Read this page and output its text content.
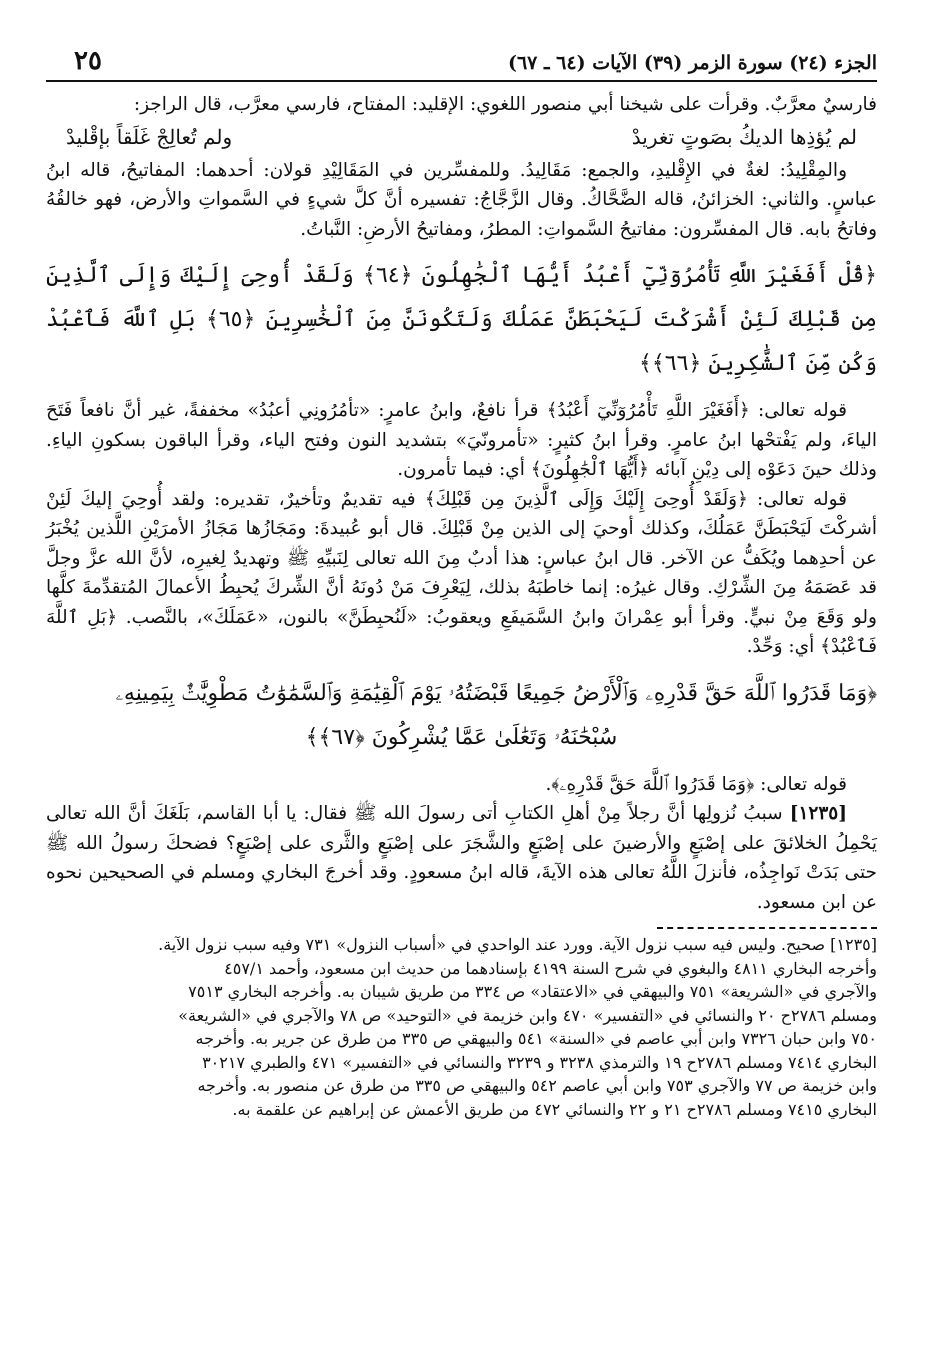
الجزء (٢٤) سورة الزمر (٣٩) الآيات (٦٤ ـ ٦٧)
٢٥

فارسيٌ معرَّبٌ. وقرأت على شيخنا أبي منصور اللغوي: الإقليد: المفتاح، فارسي معرَّب، قال الراجز:

لم يُؤذِها الديكُ بصَوتٍ تغريدْ
ولم تُعالِجْ غَلَقاً بإقْليدْ

والمِقْلِيدُ: لغةٌ في الإِقْليدِ، والجمع: مَقَالِيدُ. وللمفسِّرين في المَقَالِيْدِ قولان: أحدهما: المفاتيحُ، قاله ابنُ عباسٍ. والثاني: الخزائنُ، قاله الضَّحَّاكُ. وقال الزَّجَّاجُ: تفسيره أنَّ كلَّ شيءٍ في السَّمواتِ والأرض، فهو خالقُهُ وفاتحُ بابه. قال المفسِّرون: مفاتيحُ السَّمواتِ: المطرُ، ومفاتيحُ الأرضِ: النَّباتُ.

﴿قُلْ أَفَغَيْرَ اللَّهِ تَأْمُرُوٓنِّيٓ أَعْبُدُ أَيُّهَا ٱلْجَٰهِلُونَ ﴿٦٤﴾ وَلَقَدْ أُوحِىَ إِلَيْكَ وَإِلَى ٱلَّذِينَ مِن قَبْلِكَ لَئِنْ أَشْرَكْتَ لَيَحْبَطَنَّ عَمَلُكَ وَلَتَكُونَنَّ مِنَ ٱلْخَٰسِرِينَ ﴿٦٥﴾ بَلِ ٱللَّهَ فَٱعْبُدْ وَكُن مِّنَ ٱلشَّٰكِرِينَ ﴿٦٦﴾﴾

قوله تعالى: ﴿أَفَغَيْرَ اللَّهِ تَأْمُرُوٓنِّيٓ أَعْبُدُ﴾ قرأ نافعٌ، وابنُ عامرٍ: «تأمُرُونِي أعبُدُ» مخففةً، غير أنَّ نافعاً فَتَحَ الياءَ، ولم يَفْتحْها ابنُ عامرٍ. وقرأ ابنُ كثيرٍ: «تأمرونّيَ» بتشديد النون وفتح الياء، وقرأ الباقون بسكونِ الياءِ. وذلك حينَ دَعَوْه إلى دِيْنِ آبائه ﴿أَيُّهَا ٱلْجَٰهِلُونَ﴾ أي: فيما تأمرون.

قوله تعالى: ﴿وَلَقَدْ أُوحِىَ إِلَيْكَ وَإِلَى ٱلَّذِينَ مِن قَبْلِكَ﴾ فيه تقديمٌ وتأخيرٌ، تقديره: ولقد أُوحِيَ إليكَ لَئِنْ أشركْتَ لَيَحْبَطَنَّ عَمَلُكَ، وكذلك أوحيَ إلى الذين مِنْ قَبْلِكَ. قال أبو عُبيدةَ: ومَجَازُها مَجَازُ الأمرَيْنِ اللَّذين يُخْبَرُ عن أحدِهما ويُكَفُّ عن الآخر. قال ابنُ عباسٍ: هذا أدبٌ مِنَ الله تعالى لِنَبيِّهِ ﷺ وتهديدٌ لِغيرِه، لأنَّ الله عزَّ وجلَّ قد عَصَمَهُ مِنَ الشِّرْكِ. وقال غيرُه: إنما خاطبَهُ بذلك، لِيَعْرِفَ مَنْ دُونَهُ أنَّ الشِّركَ يُحبِطُ الأعمالَ المُتقدِّمةَ كلَّها ولو وَقَعَ مِنْ نبيٍّ. وقرأ أبو عِمْرانَ وابنُ السَّمَيفَعِ ويعقوبُ: «لَنُحبِطَنَّ» بالنون، «عَمَلَكَ»، بالنَّصب. ﴿بَلِ ٱللَّهَ فَٱعْبُدْ﴾ أي: وَحِّدْ.

﴿وَمَا قَدَرُوا ٱللَّهَ حَقَّ قَدْرِهِۦ وَٱلْأَرْضُ جَمِيعًا قَبْضَتُهُۥ يَوْمَ ٱلْقِيَٰمَةِ وَٱلسَّمَٰوَٰتُ مَطْوِيَّٰتٌۢ بِيَمِينِهِۦ

سُبْحَٰنَهُۥ وَتَعَٰلَىٰ عَمَّا يُشْرِكُونَ ﴿٦٧﴾﴾

قوله تعالى: ﴿وَمَا قَدَرُوا ٱللَّهَ حَقَّ قَدْرِهِۦ﴾.

[١٢٣٥] سببُ نُزولِها أنَّ رجلاً مِنْ أهلِ الكتابِ أتى رسولَ الله ﷺ فقال: يا أبا القاسم، بَلَغَكَ أنَّ الله تعالى يَحْمِلُ الخلائقَ على إصْبَعٍ والأرضينَ على إصْبَعٍ والشَّجَرَ على إصْبَعٍ والثَّرى على إصْبَعٍ؟ فضحكَ رسولُ الله ﷺ حتى بَدَتْ نَواجِذُه، فأنزلَ اللَّهُ تعالى هذه الآيةَ، قاله ابنُ مسعودٍ. وقد أخرجَ البخاري ومسلم في الصحيحين نحوه عن ابن مسعود.

[١٢٣٥] صحيح. وليس فيه سبب نزول الآية. وورد عند الواحدي في «أسباب النزول» ٧٣١ وفيه سبب نزول الآية.

وأخرجه البخاري ٤٨١١ والبغوي في شرح السنة ٤١٩٩ بإسنادهما من حديث ابن مسعود، وأحمد ٤٥٧/١

والآجري في «الشريعة» ٧٥١ والبيهقي في «الاعتقاد» ص ٣٣٤ من طريق شيبان به. وأخرجه البخاري ٧٥١٣

ومسلم ٢٧٨٦ح ٢٠ والنسائي في «التفسير» ٤٧٠ وابن خزيمة في «التوحيد» ص ٧٨ والآجري في «الشريعة»

٧٥٠ وابن حبان ٧٣٢٦ وابن أبي عاصم في «السنة» ٥٤١ والبيهقي ص ٣٣٥ من طرق عن جرير به. وأخرجه

البخاري ٧٤١٤ ومسلم ٢٧٨٦ح ١٩ والترمذي ٣٢٣٨ و ٣٢٣٩ والنسائي في «التفسير» ٤٧١ والطبري ٣٠٢١٧

وابن خزيمة ص ٧٧ والآجري ٧٥٣ وابن أبي عاصم ٥٤٢ والبيهقي ص ٣٣٥ من طرق عن منصور به. وأخرجه

البخاري ٧٤١٥ ومسلم ٢٧٨٦ح ٢١ و ٢٢ والنسائي ٤٧٢ من طريق الأعمش عن إبراهيم عن علقمة به.
